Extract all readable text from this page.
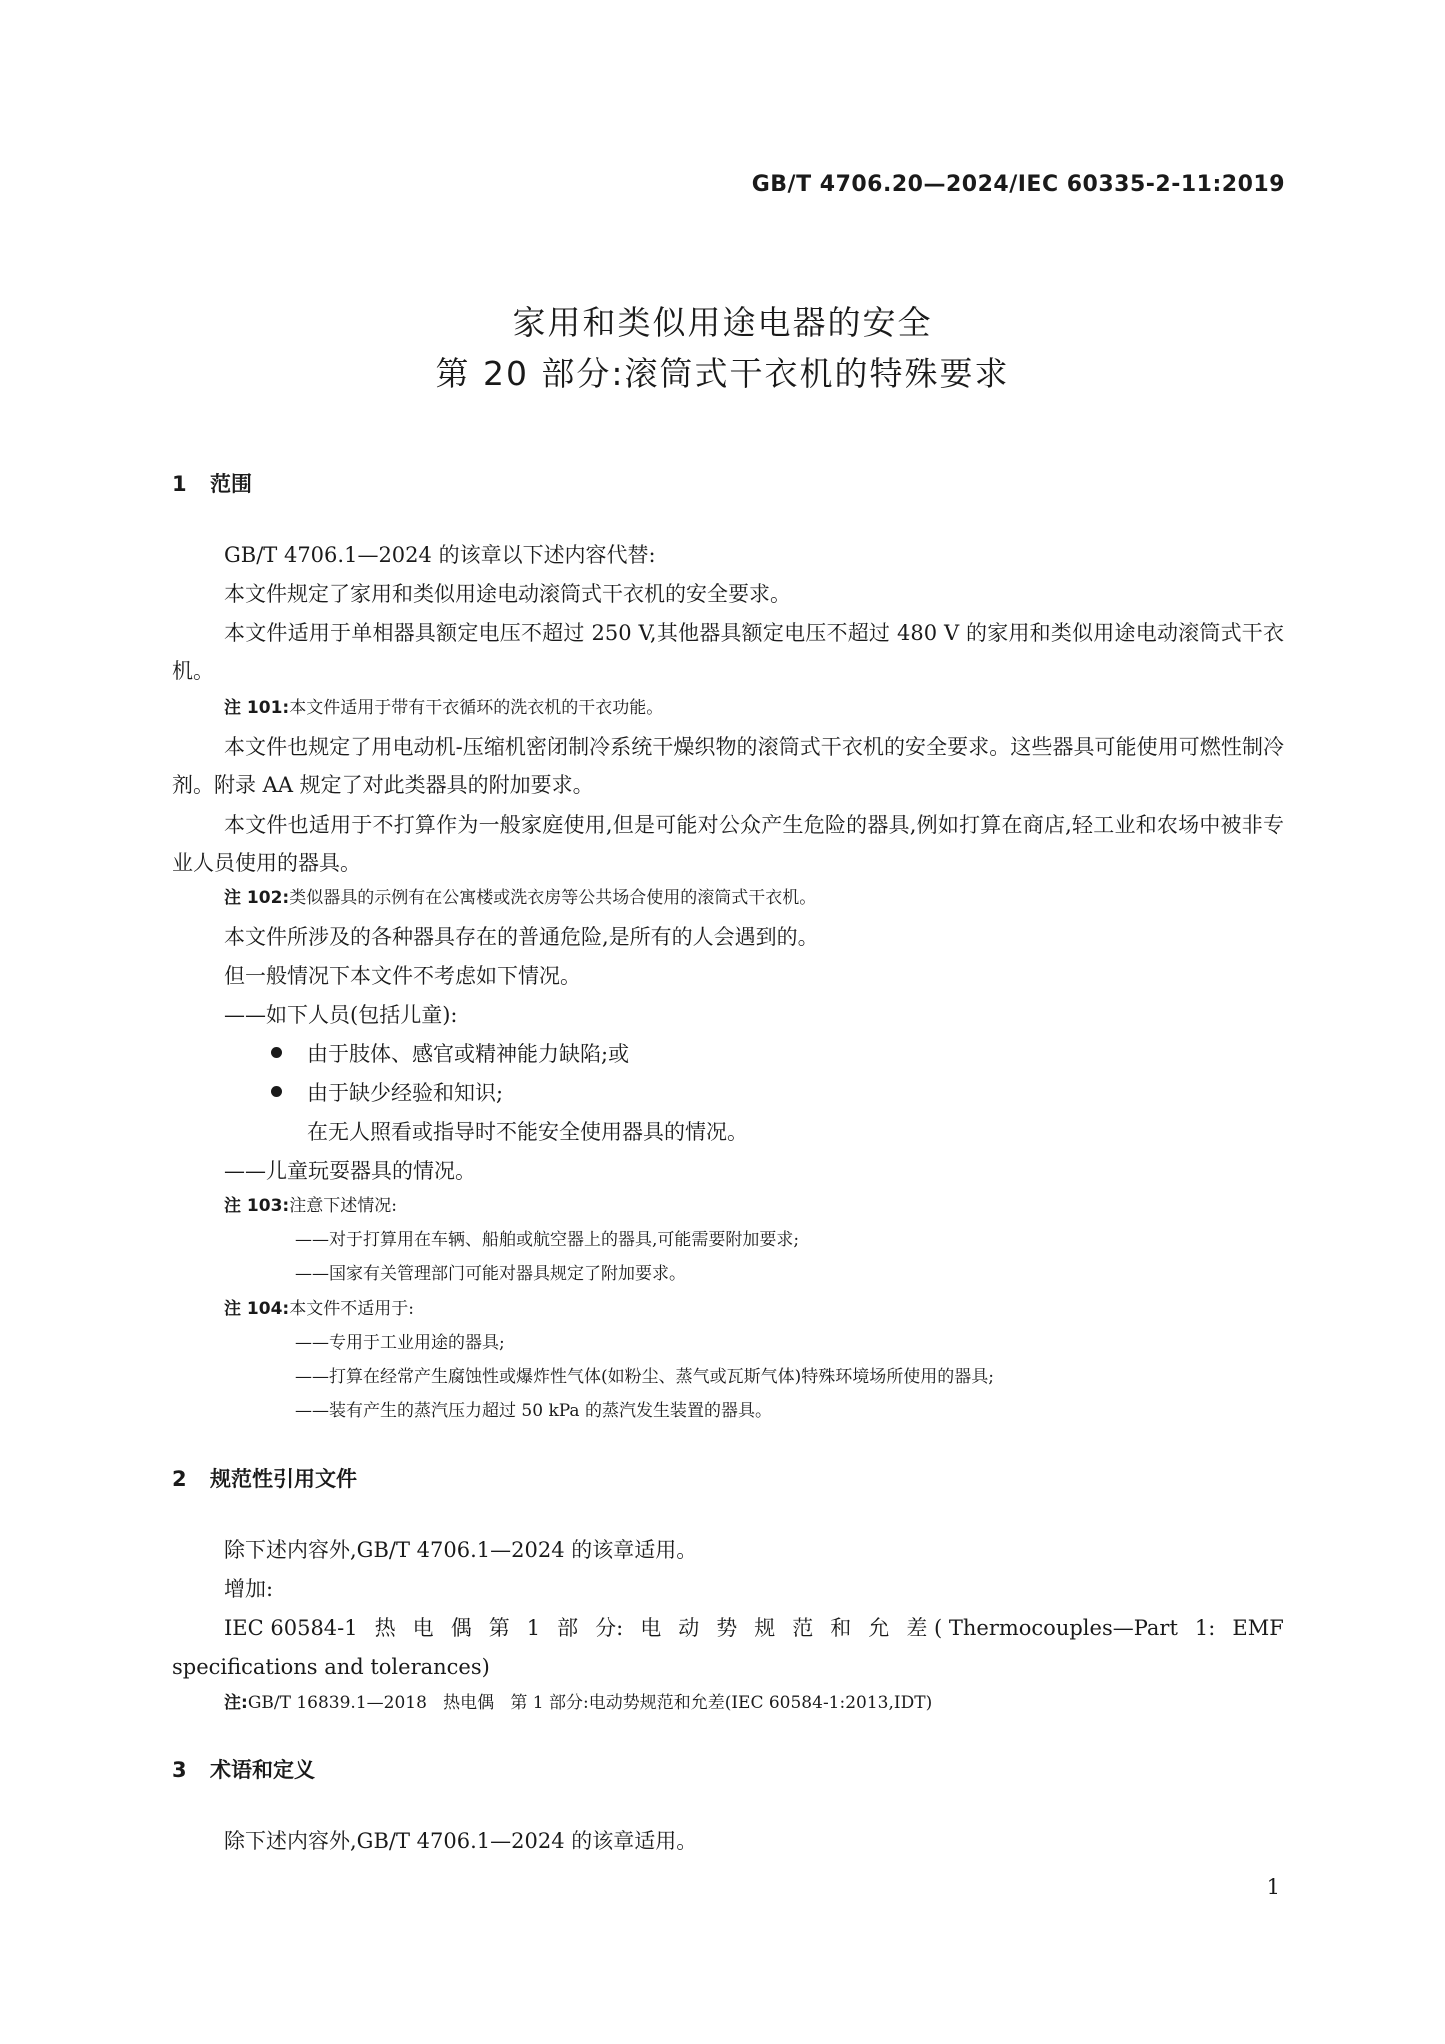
GB/T 4706.20—2024/IEC 60335-2-11:2019
家用和类似用途电器的安全
第 20 部分:滚筒式干衣机的特殊要求
1 范围
GB/T 4706.1—2024 的该章以下述内容代替:
本文件规定了家用和类似用途电动滚筒式干衣机的安全要求。
本文件适用于单相器具额定电压不超过 250 V,其他器具额定电压不超过 480 V 的家用和类似用途电动滚筒式干衣机。
注 101:本文件适用于带有干衣循环的洗衣机的干衣功能。
本文件也规定了用电动机-压缩机密闭制冷系统干燥织物的滚筒式干衣机的安全要求。这些器具可能使用可燃性制冷剂。附录 AA 规定了对此类器具的附加要求。
本文件也适用于不打算作为一般家庭使用,但是可能对公众产生危险的器具,例如打算在商店,轻工业和农场中被非专业人员使用的器具。
注 102:类似器具的示例有在公寓楼或洗衣房等公共场合使用的滚筒式干衣机。
本文件所涉及的各种器具存在的普通危险,是所有的人会遇到的。
但一般情况下本文件不考虑如下情况。
——如下人员(包括儿童):
由于肢体、感官或精神能力缺陷;或
由于缺少经验和知识;
在无人照看或指导时不能安全使用器具的情况。
——儿童玩耍器具的情况。
注 103:注意下述情况:
——对于打算用在车辆、船舶或航空器上的器具,可能需要附加要求;
——国家有关管理部门可能对器具规定了附加要求。
注 104:本文件不适用于:
——专用于工业用途的器具;
——打算在经常产生腐蚀性或爆炸性气体(如粉尘、蒸气或瓦斯气体)特殊环境场所使用的器具;
——装有产生的蒸汽压力超过 50 kPa 的蒸汽发生装置的器具。
2 规范性引用文件
除下述内容外,GB/T 4706.1—2024 的该章适用。
增加:
IEC 60584-1 热 电 偶 第 1 部 分: 电 动 势 规 范 和 允 差 ( Thermocouples—Part 1: EMF
specifications and tolerances)
注:GB/T 16839.1—2018   热电偶   第 1 部分:电动势规范和允差(IEC 60584-1:2013,IDT)
3 术语和定义
除下述内容外,GB/T 4706.1—2024 的该章适用。
1
